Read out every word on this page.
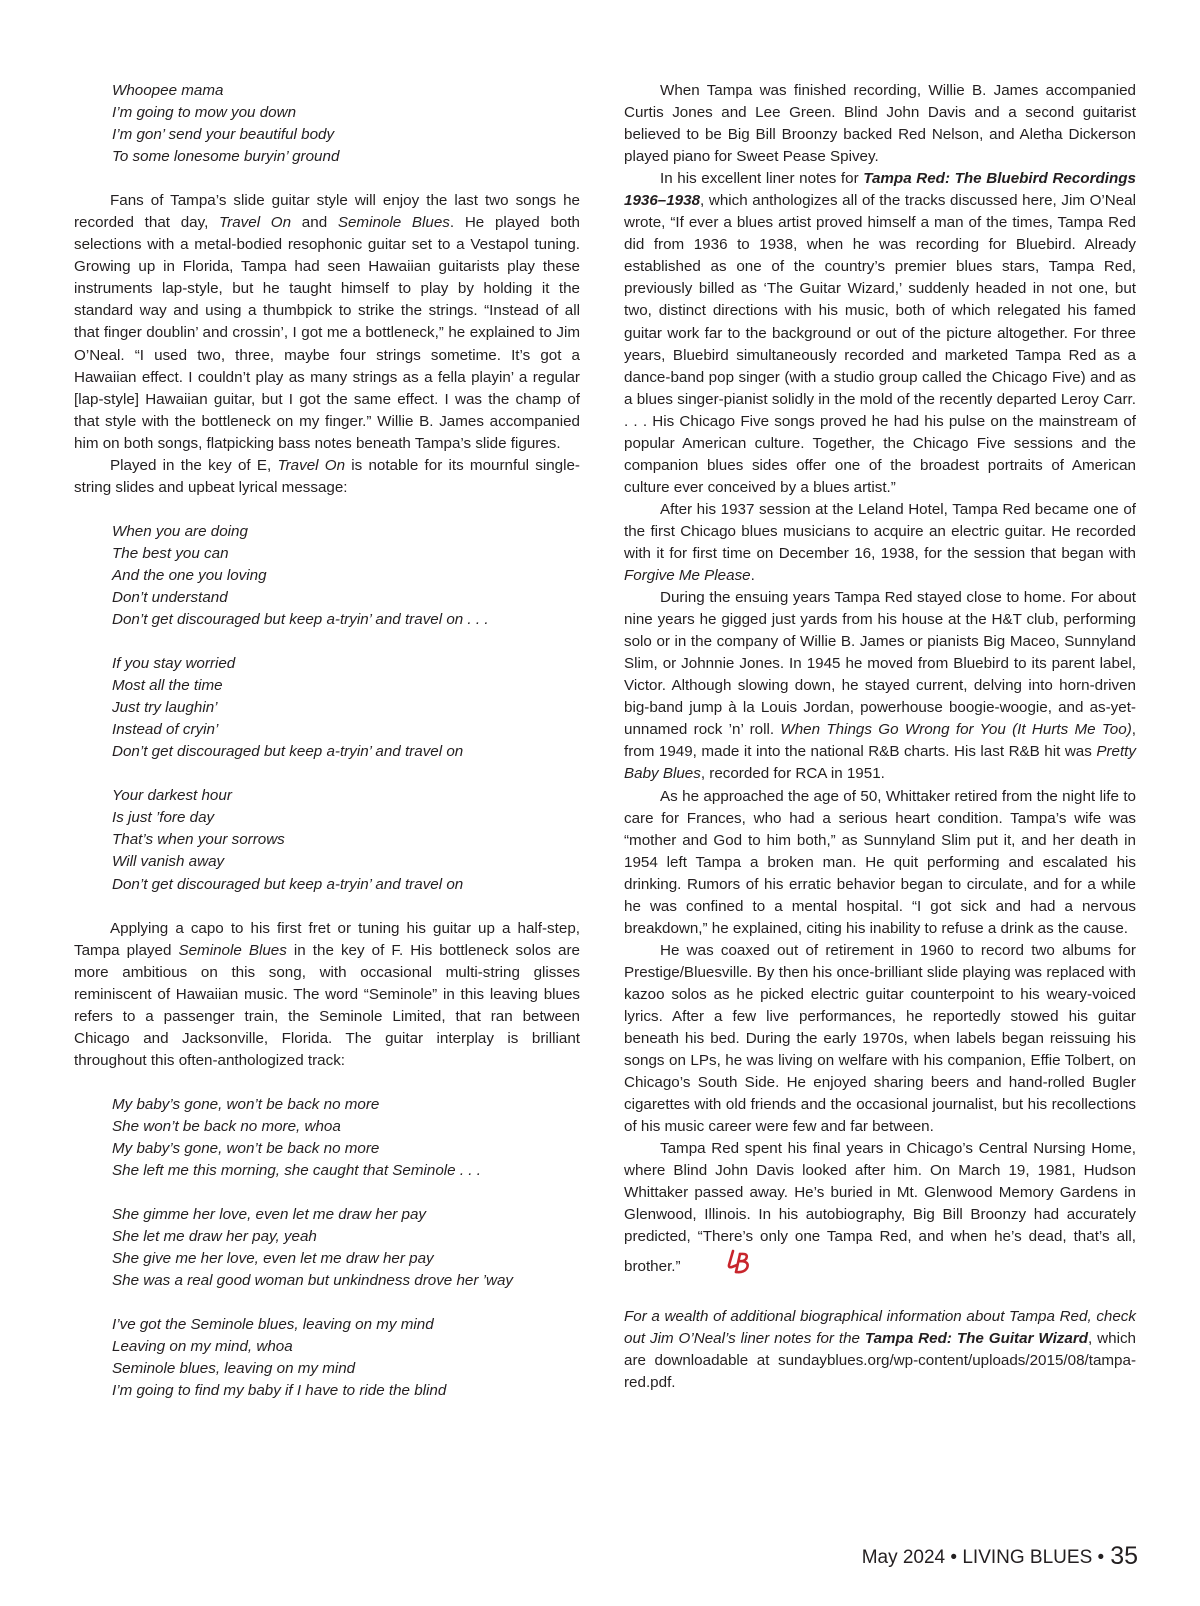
Whoopee mama
I’m going to mow you down
I’m gon’ send your beautiful body
To some lonesome buryin’ ground

Fans of Tampa’s slide guitar style will enjoy the last two songs he recorded that day, Travel On and Seminole Blues. He played both selections with a metal-bodied resophonic guitar set to a Vestapol tuning. Growing up in Florida, Tampa had seen Hawaiian guitarists play these instruments lap-style, but he taught himself to play by holding it the standard way and using a thumbpick to strike the strings. “Instead of all that finger doublin’ and crossin’, I got me a bottleneck,” he explained to Jim O’Neal. “I used two, three, maybe four strings sometime. It’s got a Hawaiian effect. I couldn’t play as many strings as a fella playin’ a regular [lap-style] Hawaiian guitar, but I got the same effect. I was the champ of that style with the bottleneck on my finger.” Willie B. James accompanied him on both songs, flatpicking bass notes beneath Tampa’s slide figures.

Played in the key of E, Travel On is notable for its mournful single-string slides and upbeat lyrical message:

When you are doing
The best you can
And the one you loving
Don’t understand
Don’t get discouraged but keep a-tryin’ and travel on . . .
If you stay worried
Most all the time
Just try laughin’
Instead of cryin’
Don’t get discouraged but keep a-tryin’ and travel on
Your darkest hour
Is just ’fore day
That’s when your sorrows
Will vanish away
Don’t get discouraged but keep a-tryin’ and travel on

Applying a capo to his first fret or tuning his guitar up a half-step, Tampa played Seminole Blues in the key of F. His bottleneck solos are more ambitious on this song, with occasional multi-string glisses reminiscent of Hawaiian music. The word “Seminole” in this leaving blues refers to a passenger train, the Seminole Limited, that ran between Chicago and Jacksonville, Florida. The guitar interplay is brilliant throughout this often-anthologized track:

My baby’s gone, won’t be back no more
She won’t be back no more, whoa
My baby’s gone, won’t be back no more
She left me this morning, she caught that Seminole . . .
She gimme her love, even let me draw her pay
She let me draw her pay, yeah
She give me her love, even let me draw her pay
She was a real good woman but unkindness drove her ’way
I’ve got the Seminole blues, leaving on my mind
Leaving on my mind, whoa
Seminole blues, leaving on my mind
I’m going to find my baby if I have to ride the blind

When Tampa was finished recording, Willie B. James accompanied Curtis Jones and Lee Green. Blind John Davis and a second guitarist believed to be Big Bill Broonzy backed Red Nelson, and Aletha Dickerson played piano for Sweet Pease Spivey.

In his excellent liner notes for Tampa Red: The Bluebird Recordings 1936–1938, which anthologizes all of the tracks discussed here, Jim O’Neal wrote, “If ever a blues artist proved himself a man of the times, Tampa Red did from 1936 to 1938, when he was recording for Bluebird. Already established as one of the country’s premier blues stars, Tampa Red, previously billed as ‘The Guitar Wizard,’ suddenly headed in not one, but two, distinct directions with his music, both of which relegated his famed guitar work far to the background or out of the picture altogether. For three years, Bluebird simultaneously recorded and marketed Tampa Red as a dance-band pop singer (with a studio group called the Chicago Five) and as a blues singer-pianist solidly in the mold of the recently departed Leroy Carr. . . . His Chicago Five songs proved he had his pulse on the mainstream of popular American culture. Together, the Chicago Five sessions and the companion blues sides offer one of the broadest portraits of American culture ever conceived by a blues artist.”

After his 1937 session at the Leland Hotel, Tampa Red became one of the first Chicago blues musicians to acquire an electric guitar. He recorded with it for first time on December 16, 1938, for the session that began with Forgive Me Please.

During the ensuing years Tampa Red stayed close to home. For about nine years he gigged just yards from his house at the H&T club, performing solo or in the company of Willie B. James or pianists Big Maceo, Sunnyland Slim, or Johnnie Jones. In 1945 he moved from Bluebird to its parent label, Victor. Although slowing down, he stayed current, delving into horn-driven big-band jump à la Louis Jordan, powerhouse boogie-woogie, and as-yet-unnamed rock ’n’ roll. When Things Go Wrong for You (It Hurts Me Too), from 1949, made it into the national R&B charts. His last R&B hit was Pretty Baby Blues, recorded for RCA in 1951.

As he approached the age of 50, Whittaker retired from the night life to care for Frances, who had a serious heart condition. Tampa’s wife was “mother and God to him both,” as Sunnyland Slim put it, and her death in 1954 left Tampa a broken man. He quit performing and escalated his drinking. Rumors of his erratic behavior began to circulate, and for a while he was confined to a mental hospital. “I got sick and had a nervous breakdown,” he explained, citing his inability to refuse a drink as the cause.

He was coaxed out of retirement in 1960 to record two albums for Prestige/Bluesville. By then his once-brilliant slide playing was replaced with kazoo solos as he picked electric guitar counterpoint to his weary-voiced lyrics. After a few live performances, he reportedly stowed his guitar beneath his bed. During the early 1970s, when labels began reissuing his songs on LPs, he was living on welfare with his companion, Effie Tolbert, on Chicago’s South Side. He enjoyed sharing beers and hand-rolled Bugler cigarettes with old friends and the occasional journalist, but his recollections of his music career were few and far between.

Tampa Red spent his final years in Chicago’s Central Nursing Home, where Blind John Davis looked after him. On March 19, 1981, Hudson Whittaker passed away. He’s buried in Mt. Glenwood Memory Gardens in Glenwood, Illinois. In his autobiography, Big Bill Broonzy had accurately predicted, “There’s only one Tampa Red, and when he’s dead, that’s all, brother.”

For a wealth of additional biographical information about Tampa Red, check out Jim O’Neal’s liner notes for the Tampa Red: The Guitar Wizard, which are downloadable at sundayblues.org/wp-content/uploads/2015/08/tampa-red.pdf.

May 2024 • LIVING BLUES • 35
